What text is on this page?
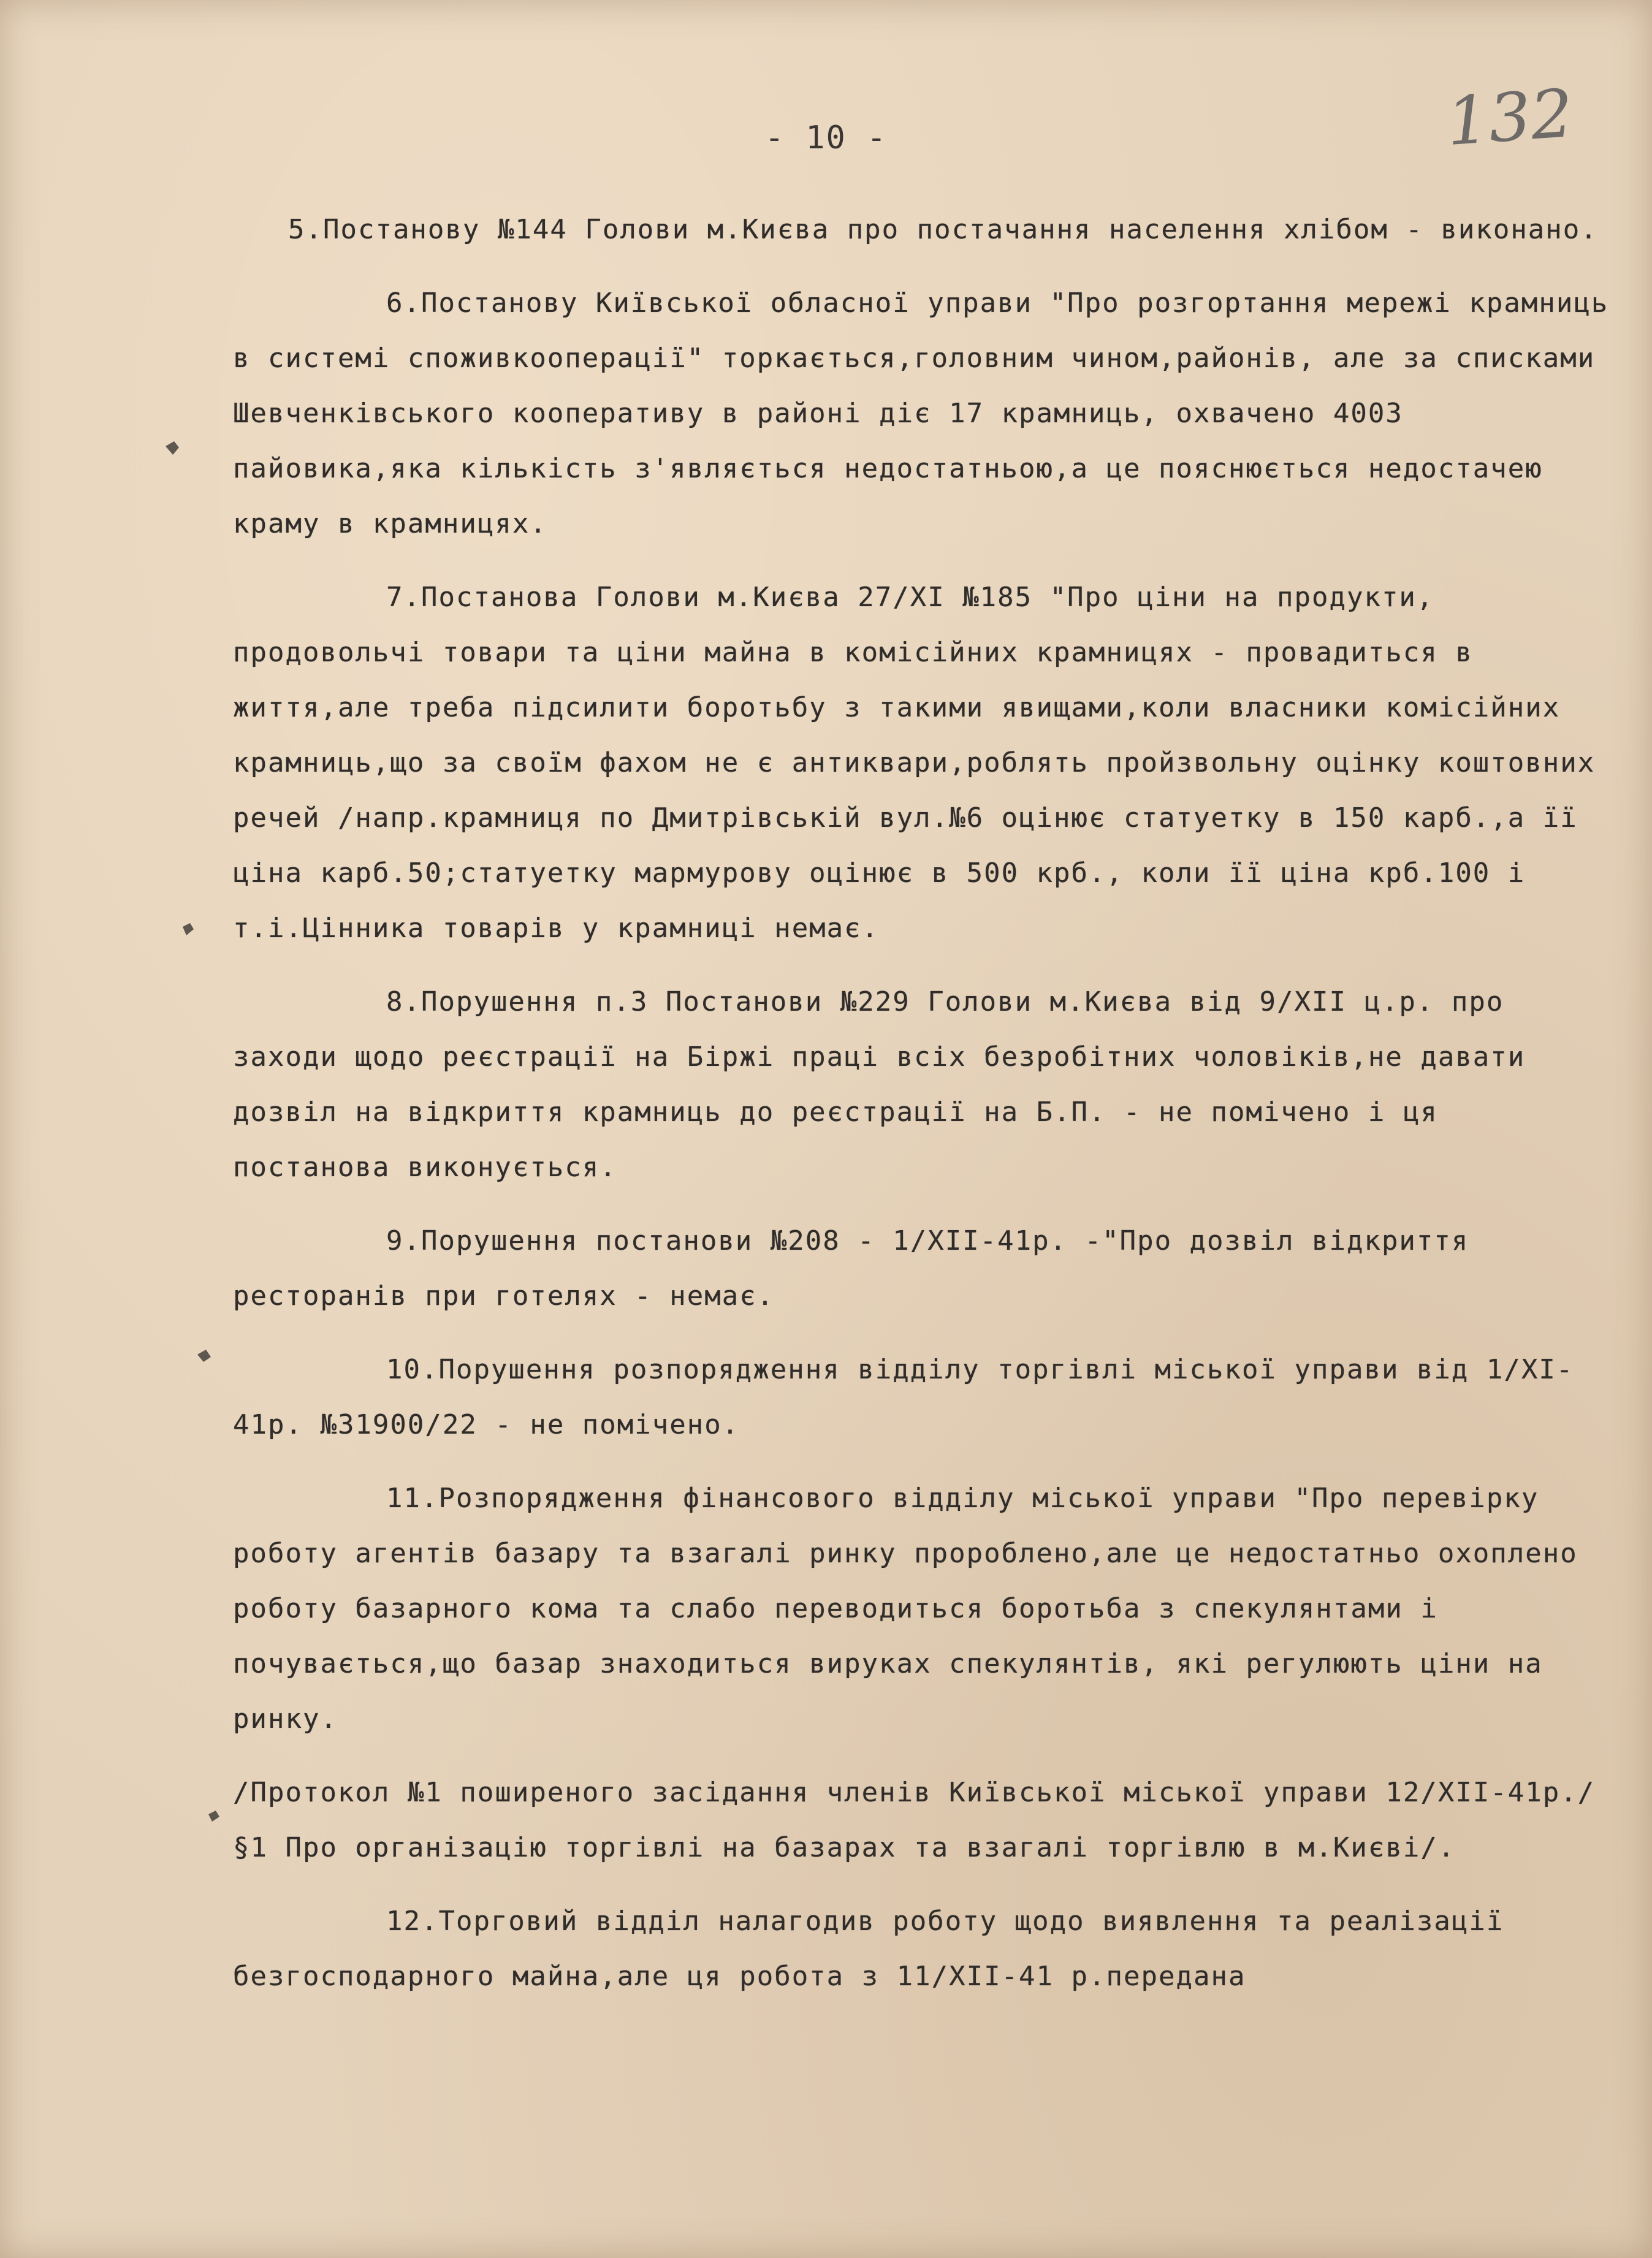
- 10 -	132

5.Постанову №144 Голови м.Києва про постачання населення хлібом - виконано.

6.Постанову Київської обласної управи "Про розгортання мережі крамниць в системі споживкооперації" торкається,головним чином,районів, але за списками Шевченківського кооперативу в районі діє 17 крамниць, охвачено 4003 пайовика,яка кількість з'являється недостатньою,а це пояснюється недостачею краму в крамницях.

7.Постанова Голови м.Києва 27/XI №185 "Про ціни на продукти, продовольчі товари та ціни майна в комісійних крамницях - провадиться в життя,але треба підсилити боротьбу з такими явищами,коли власники комісійних крамниць,що за своїм фахом не є антиквари,роблять пройзвольну оцінку коштовних речей /напр.крамниця по Дмитрівській вул.№6 оцінює статуетку в 150 карб.,а її ціна карб.50;статуетку мармурову оцінює в 500 крб., коли її ціна крб.100 і т.і.Цінника товарів у крамниці немає.

8.Порушення п.3 Постанови №229 Голови м.Києва від 9/XII ц.р. про заходи щодо реєстрації на Біржі праці всіх безробітних чоловіків,не давати дозвіл на відкриття крамниць до реєстрації на Б.П. - не помічено і ця постанова виконується.

9.Порушення постанови №208 - 1/XII-41р. -"Про дозвіл відкриття ресторанів при готелях - немає.

10.Порушення розпорядження відділу торгівлі міської управи від 1/XI-41р. №31900/22 - не помічено.

11.Розпорядження фінансового відділу міської управи "Про перевірку роботу агентів базару та взагалі ринку пророблено,але це недостатньо охоплено роботу базарного кома та слабо переводиться боротьба з спекулянтами і почувається,що базар знаходиться вируках спекулянтів, які регулюють ціни на ринку.

/Протокол №1 поширеного засідання членів Київської міської управи 12/XII-41р./ §1 Про організацію торгівлі на базарах та взагалі торгівлю в м.Києві/.

12.Торговий відділ налагодив роботу щодо виявлення та реалізації безгосподарного майна,але ця робота з 11/XII-41 р.передана
